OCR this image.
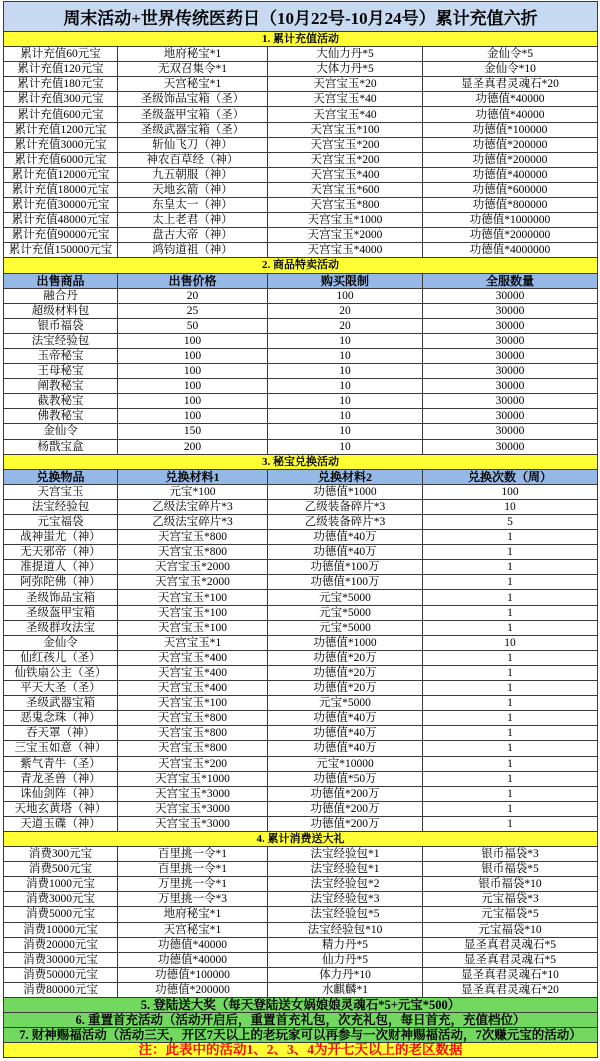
周末活动+世界传统医药日（10月22号-10月24号）累计充值六折
1. 累计充值活动
累计充值60元宝	地府秘宝*1	大仙力丹*5	金仙令*5
累计充值120元宝	无双召集令*1	大体力丹*5	金仙令*10
累计充值180元宝	天宫秘宝*1	天宫宝玉*20	显圣真君灵魂石*20
累计充值300元宝	圣级饰品宝箱（圣）	天宫宝玉*40	功德值*40000
累计充值600元宝	圣级盔甲宝箱（圣）	天宫宝玉*40	功德值*40000
累计充值1200元宝	圣级武器宝箱（圣）	天宫宝玉*100	功德值*100000
累计充值3000元宝	斩仙飞刀（神）	天宫宝玉*200	功德值*200000
累计充值6000元宝	神农百草经（神）	天宫宝玉*200	功德值*200000
累计充值12000元宝	九五朝服（神）	天宫宝玉*400	功德值*400000
累计充值18000元宝	天地玄箭（神）	天宫宝玉*600	功德值*600000
累计充值30000元宝	东皇太一（神）	天宫宝玉*800	功德值*800000
累计充值48000元宝	太上老君（神）	天宫宝玉*1000	功德值*1000000
累计充值90000元宝	盘古大帝（神）	天宫宝玉*2000	功德值*2000000
累计充值150000元宝	鸿钧道祖（神）	天宫宝玉*4000	功德值*4000000
2. 商品特卖活动
出售商品	出售价格	购买限制	全服数量
融合丹	20	100	30000
超级材料包	25	20	30000
银币福袋	50	20	30000
法宝经验包	100	10	30000
玉帝秘宝	100	10	30000
王母秘宝	100	10	30000
阐教秘宝	100	10	30000
截教秘宝	100	10	30000
佛教秘宝	100	10	30000
金仙令	150	10	30000
杨戬宝盒	200	10	30000
3. 秘宝兑换活动
兑换物品	兑换材料1	兑换材料2	兑换次数（周）
天宫宝玉	元宝*100	功德值*1000	100
法宝经验包	乙级法宝碎片*3	乙级装备碎片*3	10
元宝福袋	乙级法宝碎片*3	乙级装备碎片*3	5
战神蚩尤（神）	天宫宝玉*800	功德值*40万	1
无天邪帝（神）	天宫宝玉*800	功德值*40万	1
准提道人（神）	天宫宝玉*2000	功德值*100万	1
阿弥陀佛（神）	天宫宝玉*2000	功德值*100万	1
圣级饰品宝箱	天宫宝玉*100	元宝*5000	1
圣级盔甲宝箱	天宫宝玉*100	元宝*5000	1
圣级群攻法宝	天宫宝玉*100	元宝*5000	1
金仙令	天宫宝玉*1	功德值*1000	10
仙红孩儿（圣）	天宫宝玉*400	功德值*20万	1
仙铁扇公主（圣）	天宫宝玉*400	功德值*20万	1
平天大圣（圣）	天宫宝玉*400	功德值*20万	1
圣级武器宝箱	天宫宝玉*100	元宝*5000	1
恶鬼念珠（神）	天宫宝玉*800	功德值*40万	1
吞天罩（神）	天宫宝玉*800	功德值*40万	1
三宝玉如意（神）	天宫宝玉*800	功德值*40万	1
紫气青牛（圣）	天宫宝玉*200	元宝*10000	1
青龙圣兽（神）	天宫宝玉*1000	功德值*50万	1
诛仙剑阵（神）	天宫宝玉*3000	功德值*200万	1
天地玄黄塔（神）	天宫宝玉*3000	功德值*200万	1
天道玉碟（神）	天宫宝玉*3000	功德值*200万	1
4. 累计消费送大礼
消费300元宝	百里挑一令*1	法宝经验包*1	银币福袋*3
消费500元宝	百里挑一令*1	法宝经验包*1	银币福袋*5
消费1000元宝	万里挑一令*1	法宝经验包*2	银币福袋*10
消费3000元宝	万里挑一令*3	法宝经验包*3	元宝福袋*3
消费5000元宝	地府秘宝*1	法宝经验包*5	元宝福袋*5
消费10000元宝	天宫秘宝*1	法宝经验包*10	元宝福袋*10
消费20000元宝	功德值*40000	精力丹*5	显圣真君灵魂石*5
消费30000元宝	功德值*40000	仙力丹*5	显圣真君灵魂石*5
消费50000元宝	功德值*100000	体力丹*10	显圣真君灵魂石*10
消费80000元宝	功德值*200000	水麒麟*1	显圣真君灵魂石*20
5. 登陆送大奖（每天登陆送女娲娘娘灵魂石*5+元宝*500）
6. 重置首充活动（活动开启后，重置首充礼包，次充礼包，每日首充，充值档位）
7. 财神赐福活动（活动三天，开区7天以上的老玩家可以再参与一次财神赐福活动，7次赚元宝的活动）
注：此表中的活动1、2、3、4为开七天以上的老区数据
